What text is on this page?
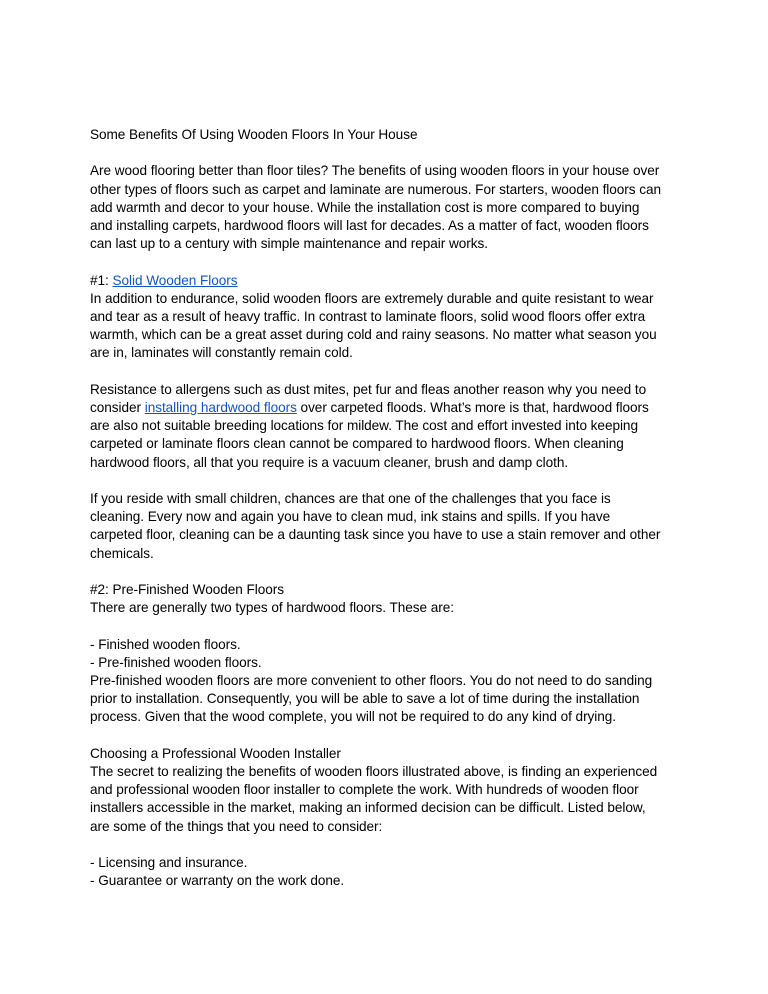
Some Benefits Of Using Wooden Floors In Your House
Are wood flooring better than floor tiles? The benefits of using wooden floors in your house over
other types of floors such as carpet and laminate are numerous. For starters, wooden floors can
add warmth and decor to your house. While the installation cost is more compared to buying
and installing carpets, hardwood floors will last for decades. As a matter of fact, wooden floors
can last up to a century with simple maintenance and repair works.
#1: Solid Wooden Floors
In addition to endurance, solid wooden floors are extremely durable and quite resistant to wear
and tear as a result of heavy traffic. In contrast to laminate floors, solid wood floors offer extra
warmth, which can be a great asset during cold and rainy seasons. No matter what season you
are in, laminates will constantly remain cold.
Resistance to allergens such as dust mites, pet fur and fleas another reason why you need to
consider installing hardwood floors over carpeted floods. What’s more is that, hardwood floors
are also not suitable breeding locations for mildew. The cost and effort invested into keeping
carpeted or laminate floors clean cannot be compared to hardwood floors. When cleaning
hardwood floors, all that you require is a vacuum cleaner, brush and damp cloth.
If you reside with small children, chances are that one of the challenges that you face is
cleaning. Every now and again you have to clean mud, ink stains and spills. If you have
carpeted floor, cleaning can be a daunting task since you have to use a stain remover and other
chemicals.
#2: Pre-Finished Wooden Floors
There are generally two types of hardwood floors. These are:
- Finished wooden floors.
- Pre-finished wooden floors.
Pre-finished wooden floors are more convenient to other floors. You do not need to do sanding
prior to installation. Consequently, you will be able to save a lot of time during the installation
process. Given that the wood complete, you will not be required to do any kind of drying.
Choosing a Professional Wooden Installer
The secret to realizing the benefits of wooden floors illustrated above, is finding an experienced
and professional wooden floor installer to complete the work. With hundreds of wooden floor
installers accessible in the market, making an informed decision can be difficult. Listed below,
are some of the things that you need to consider:
- Licensing and insurance.
- Guarantee or warranty on the work done.
